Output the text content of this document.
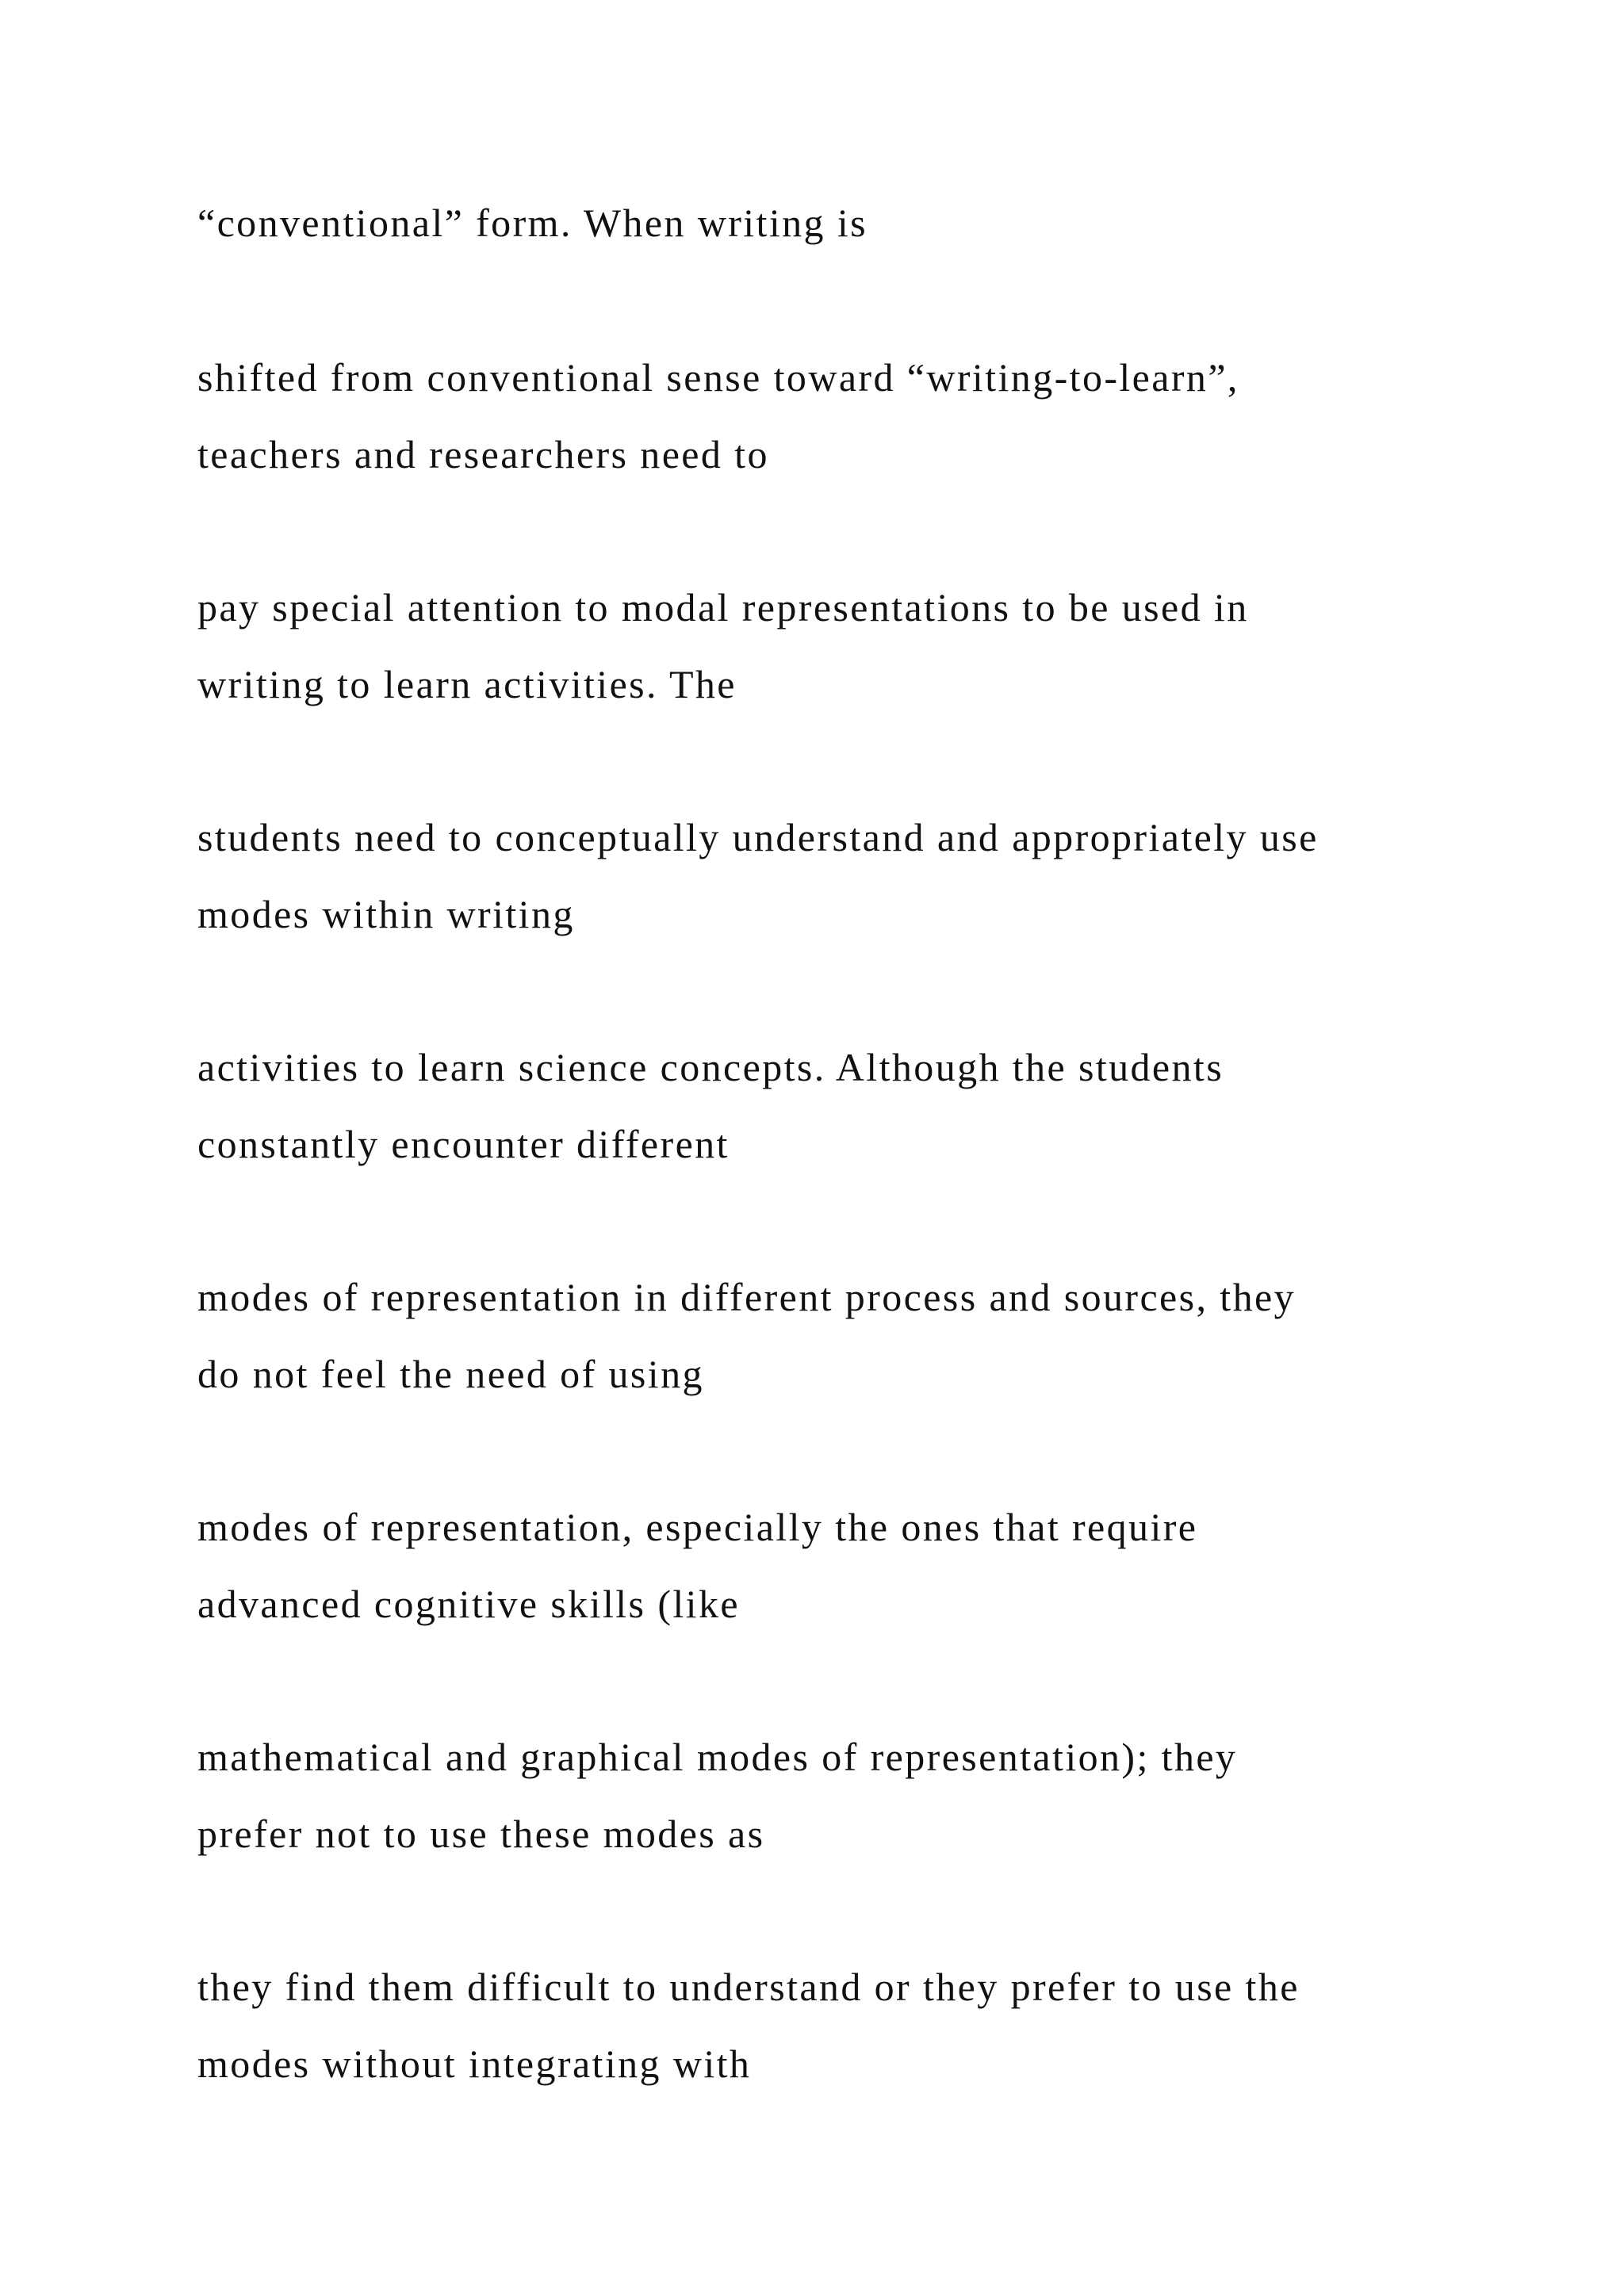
“conventional” form. When writing is

shifted from conventional sense toward “writing-to-learn”,

teachers and researchers need to

pay special attention to modal representations to be used in

writing to learn activities. The

students need to conceptually understand and appropriately use

modes within writing

activities to learn science concepts. Although the students

constantly encounter different

modes of representation in different process and sources, they

do not feel the need of using

modes of representation, especially the ones that require

advanced cognitive skills (like

mathematical and graphical modes of representation); they

prefer not to use these modes as

they find them difficult to understand or they prefer to use the

modes without integrating with
